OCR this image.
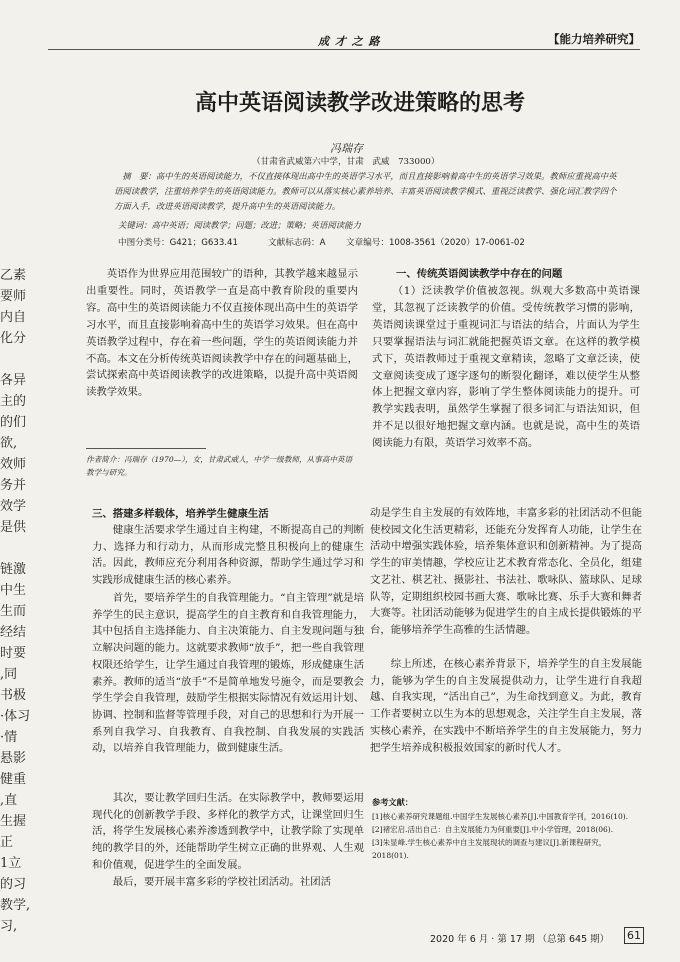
乙素
要师
内自
化分
各异
主的
的们
欲,
效师
务并
效学
是供
链激
中生
生而
经结
时要
,同
书极
·体习
·情
悬影
健重
,直
生握
正
1立
的习
教学,
习,
成 才 之 路	【能力培养研究】
高中英语阅读教学改进策略的思考
冯瑞存
（甘肃省武威第六中学，甘肃　武威　733000）
摘　要：高中生的英语阅读能力，不仅直接体现出高中生的英语学习水平，而且直接影响着高中生的英语学习效果。教师应重视高中英语阅读教学，注重培养学生的英语阅读能力。教师可以从落实核心素养培养、丰富英语阅读教学模式、重视泛读教学、强化词汇教学四个方面入手，改进英语阅读教学，提升高中生的英语阅读能力。
关键词：高中英语；阅读教学；问题；改进；策略；英语阅读能力
中图分类号：G421；G633.41	文献标志码：A 文章编号：1008-3561（2020）17-0061-02

英语作为世界应用范围较广的语种，其教学越来越显示出重要性。同时，英语教学一直是高中教育阶段的重要内容。高中生的英语阅读能力不仅直接体现出高中生的英语学习水平，而且直接影响着高中生的英语学习效果。但在高中英语教学过程中，存在着一些问题，学生的英语阅读能力并不高。本文在分析传统英语阅读教学中存在的问题基础上，尝试探索高中英语阅读教学的改进策略，以提升高中英语阅读教学效果。

作者简介：冯瑞存（1970—），女，甘肃武威人，中学一级教师，从事高中英语教学与研究。
一、传统英语阅读教学中存在的问题

（1）泛读教学价值被忽视。纵观大多数高中英语课堂，其忽视了泛读教学的价值。受传统教学习惯的影响，英语阅读课堂过于重视词汇与语法的结合，片面认为学生只要掌握语法与词汇就能把握英语文章。在这样的教学模式下，英语教师过于重视文章精读，忽略了文章泛读，使文章阅读变成了逐字逐句的断裂化翻译，难以使学生从整体上把握文章内容，影响了学生整体阅读能力的提升。可教学实践表明，虽然学生掌握了很多词汇与语法知识，但并不足以很好地把握文章内涵。也就是说，高中生的英语阅读能力有限，英语学习效率不高。

三、搭建多样载体，培养学生健康生活

健康生活要求学生通过自主构建，不断提高自己的判断力、选择力和行动力，从而形成完整且积极向上的健康生活。因此，教师应充分利用各种资源，帮助学生通过学习和实践形成健康生活的核心素养。

首先，要培养学生的自我管理能力。“自主管理”就是培养学生的民主意识，提高学生的自主教育和自我管理能力，其中包括自主选择能力、自主决策能力、自主发现问题与独立解决问题的能力。这就要求教师“放手”，把一些自我管理权限还给学生，让学生通过自我管理的锻炼，形成健康生活素养。教师的适当“放手”不是简单地发号施令，而是要教会学生学会自我管理，鼓励学生根据实际情况有效运用计划、协调、控制和监督等管理手段，对自己的思想和行为开展一系列自我学习、自我教育、自我控制、自我发展的实践活动，以培养自我管理能力，做到健康生活。

其次，要让教学回归生活。在实际教学中，教师要运用现代化的创新教学手段、多样化的教学方式，让课堂回归生活，将学生发展核心素养渗透到教学中，让教学除了实现单纯的教学目的外，还能帮助学生树立正确的世界观、人生观和价值观，促进学生的全面发展。

最后，要开展丰富多彩的学校社团活动。社团活

动是学生自主发展的有效阵地，丰富多彩的社团活动不但能使校园文化生活更精彩，还能充分发挥育人功能，让学生在活动中增强实践体验，培养集体意识和创新精神。为了提高学生的审美情趣，学校应让艺术教育常态化、全员化，组建文艺社、棋艺社、摄影社、书法社、歌咏队、篮球队、足球队等，定期组织校园书画大赛、歌咏比赛、乐手大赛和舞者大赛等。社团活动能够为促进学生的自主成长提供锻炼的平台，能够培养学生高雅的生活情趣。

综上所述，在核心素养背景下，培养学生的自主发展能力，能够为学生的自主发展提供动力，让学生进行自我超越、自我实现，“活出自己”，为生命找到意义。为此，教育工作者要树立以生为本的思想观念，关注学生自主发展，落实核心素养，在实践中不断培养学生的自主发展能力，努力把学生培养成积极报效国家的新时代人才。

参考文献：
[1]核心素养研究课题组.中国学生发展核心素养[J].中国教育学刊，2016(10).
[2]褚宏启.活出自己：自主发展能力为何重要[J].中小学管理，2018(06).
[3]朱显峰.学生核心素养中自主发展现状的调查与建议[J].新课程研究，2018(01).
2020 年 6 月 · 第 17 期 （总第 645 期） 61
